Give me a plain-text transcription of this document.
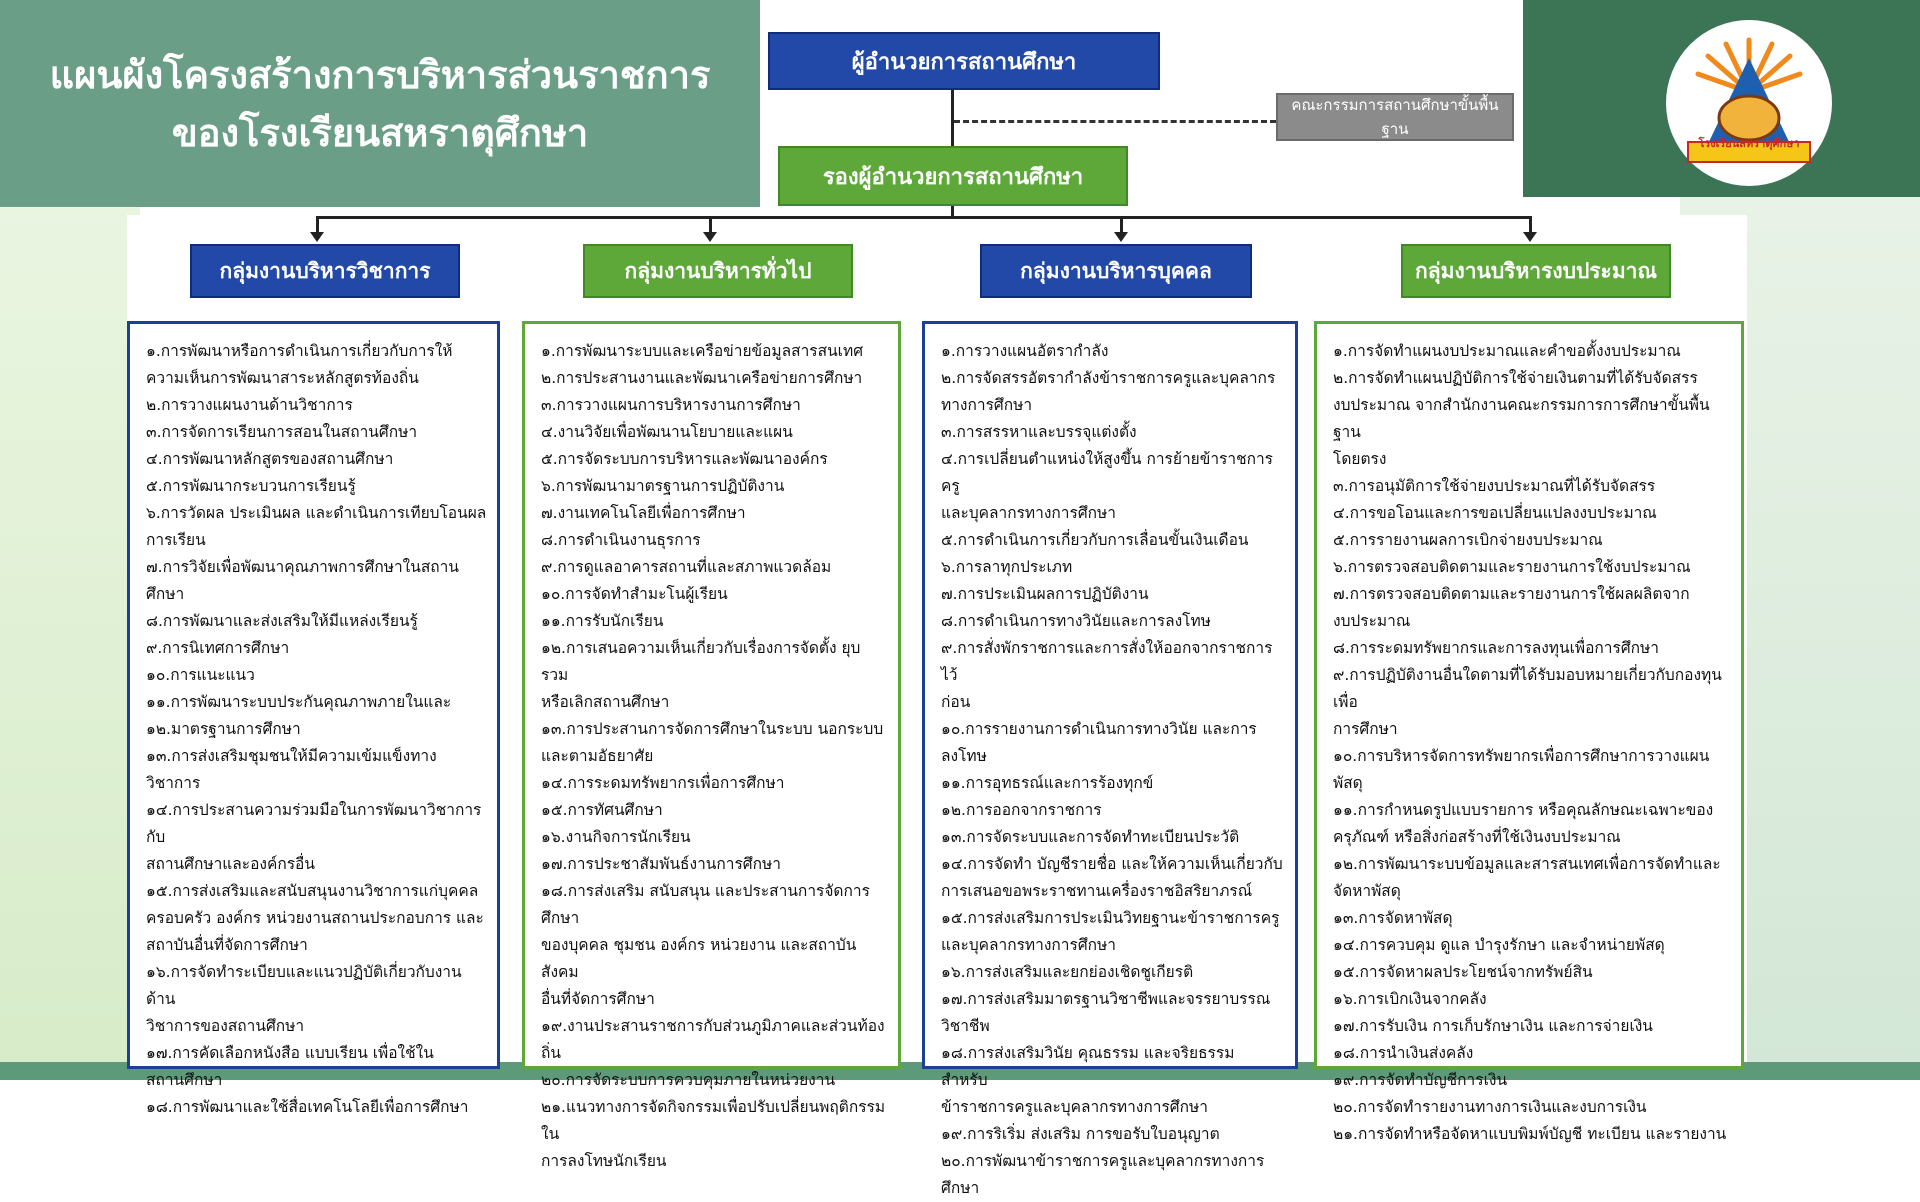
แผนผังโครงสร้างการบริหารส่วนราชการ
ของโรงเรียนสหราตุศึกษา	โรงเรียนสหราตุศึกษา
ผู้อำนวยการสถานศึกษา
คณะกรรมการสถานศึกษาขั้นพื้นฐาน
รองผู้อำนวยการสถานศึกษา
กลุ่มงานบริหารวิชาการ	กลุ่มงานบริหารทั่วไป	กลุ่มงานบริหารบุคคล	กลุ่มงานบริหารงบประมาณ
๑.การพัฒนาหรือการดำเนินการเกี่ยวกับการให้
ความเห็นการพัฒนาสาระหลักสูตรท้องถิ่น
๒.การวางแผนงานด้านวิชาการ
๓.การจัดการเรียนการสอนในสถานศึกษา
๔.การพัฒนาหลักสูตรของสถานศึกษา
๕.การพัฒนากระบวนการเรียนรู้
๖.การวัดผล ประเมินผล และดำเนินการเทียบโอนผล
การเรียน
๗.การวิจัยเพื่อพัฒนาคุณภาพการศึกษาในสถานศึกษา
๘.การพัฒนาและส่งเสริมให้มีแหล่งเรียนรู้
๙.การนิเทศการศึกษา
๑๐.การแนะแนว
๑๑.การพัฒนาระบบประกันคุณภาพภายในและ
๑๒.มาตรฐานการศึกษา
๑๓.การส่งเสริมชุมชนให้มีความเข้มแข็งทางวิชาการ
๑๔.การประสานความร่วมมือในการพัฒนาวิชาการกับ
สถานศึกษาและองค์กรอื่น
๑๕.การส่งเสริมและสนับสนุนงานวิชาการแก่บุคคล
ครอบครัว องค์กร หน่วยงานสถานประกอบการ และ
สถาบันอื่นที่จัดการศึกษา
๑๖.การจัดทำระเบียบและแนวปฏิบัติเกี่ยวกับงานด้าน
วิชาการของสถานศึกษา
๑๗.การคัดเลือกหนังสือ แบบเรียน เพื่อใช้ใน
สถานศึกษา
๑๘.การพัฒนาและใช้สื่อเทคโนโลยีเพื่อการศึกษา
๑.การพัฒนาระบบและเครือข่ายข้อมูลสารสนเทศ
๒.การประสานงานและพัฒนาเครือข่ายการศึกษา
๓.การวางแผนการบริหารงานการศึกษา
๔.งานวิจัยเพื่อพัฒนานโยบายและแผน
๕.การจัดระบบการบริหารและพัฒนาองค์กร
๖.การพัฒนามาตรฐานการปฏิบัติงาน
๗.งานเทคโนโลยีเพื่อการศึกษา
๘.การดำเนินงานธุรการ
๙.การดูแลอาคารสถานที่และสภาพแวดล้อม
๑๐.การจัดทำสำมะโนผู้เรียน
๑๑.การรับนักเรียน
๑๒.การเสนอความเห็นเกี่ยวกับเรื่องการจัดตั้ง ยุบ รวม
หรือเลิกสถานศึกษา
๑๓.การประสานการจัดการศึกษาในระบบ นอกระบบ
และตามอัธยาศัย
๑๔.การระดมทรัพยากรเพื่อการศึกษา
๑๕.การทัศนศึกษา
๑๖.งานกิจการนักเรียน
๑๗.การประชาสัมพันธ์งานการศึกษา
๑๘.การส่งเสริม สนับสนุน และประสานการจัดการศึกษา
ของบุคคล ชุมชน องค์กร หน่วยงาน และสถาบันสังคม
อื่นที่จัดการศึกษา
๑๙.งานประสานราชการกับส่วนภูมิภาคและส่วนท้องถิ่น
๒๐.การจัดระบบการควบคุมภายในหน่วยงาน
๒๑.แนวทางการจัดกิจกรรมเพื่อปรับเปลี่ยนพฤติกรรมใน
การลงโทษนักเรียน
๑.การวางแผนอัตรากำลัง
๒.การจัดสรรอัตรากำลังข้าราชการครูและบุคลากร
ทางการศึกษา
๓.การสรรหาและบรรจุแต่งตั้ง
๔.การเปลี่ยนตำแหน่งให้สูงขึ้น การย้ายข้าราชการครู
และบุคลากรทางการศึกษา
๕.การดำเนินการเกี่ยวกับการเลื่อนขั้นเงินเดือน
๖.การลาทุกประเภท
๗.การประเมินผลการปฏิบัติงาน
๘.การดำเนินการทางวินัยและการลงโทษ
๙.การสั่งพักราชการและการสั่งให้ออกจากราชการไว้
ก่อน
๑๐.การรายงานการดำเนินการทางวินัย และการลงโทษ
๑๑.การอุทธรณ์และการร้องทุกข์
๑๒.การออกจากราชการ
๑๓.การจัดระบบและการจัดทำทะเบียนประวัติ
๑๔.การจัดทำ บัญชีรายชื่อ และให้ความเห็นเกี่ยวกับ
การเสนอขอพระราชทานเครื่องราชอิสริยาภรณ์
๑๕.การส่งเสริมการประเมินวิทยฐานะข้าราชการครู
และบุคลากรทางการศึกษา
๑๖.การส่งเสริมและยกย่องเชิดชูเกียรติ
๑๗.การส่งเสริมมาตรฐานวิชาชีพและจรรยาบรรณ
วิชาชีพ
๑๘.การส่งเสริมวินัย คุณธรรม และจริยธรรม สำหรับ
ข้าราชการครูและบุคลากรทางการศึกษา
๑๙.การริเริ่ม ส่งเสริม การขอรับใบอนุญาต
๒๐.การพัฒนาข้าราชการครูและบุคลากรทางการศึกษา
๑.การจัดทำแผนงบประมาณและคำขอตั้งงบประมาณ
๒.การจัดทำแผนปฏิบัติการใช้จ่ายเงินตามที่ได้รับจัดสรร
งบประมาณ จากสำนักงานคณะกรรมการการศึกษาขั้นพื้นฐาน
โดยตรง
๓.การอนุมัติการใช้จ่ายงบประมาณที่ได้รับจัดสรร
๔.การขอโอนและการขอเปลี่ยนแปลงงบประมาณ
๕.การรายงานผลการเบิกจ่ายงบประมาณ
๖.การตรวจสอบติดตามและรายงานการใช้งบประมาณ
๗.การตรวจสอบติดตามและรายงานการใช้ผลผลิตจาก
งบประมาณ
๘.การระดมทรัพยากรและการลงทุนเพื่อการศึกษา
๙.การปฏิบัติงานอื่นใดตามที่ได้รับมอบหมายเกี่ยวกับกองทุนเพื่อ
การศึกษา
๑๐.การบริหารจัดการทรัพยากรเพื่อการศึกษาการวางแผนพัสดุ
๑๑.การกำหนดรูปแบบรายการ หรือคุณลักษณะเฉพาะของ
ครุภัณฑ์ หรือสิ่งก่อสร้างที่ใช้เงินงบประมาณ
๑๒.การพัฒนาระบบข้อมูลและสารสนเทศเพื่อการจัดทำและ
จัดหาพัสดุ
๑๓.การจัดหาพัสดุ
๑๔.การควบคุม ดูแล บำรุงรักษา และจำหน่ายพัสดุ
๑๕.การจัดหาผลประโยชน์จากทรัพย์สิน
๑๖.การเบิกเงินจากคลัง
๑๗.การรับเงิน การเก็บรักษาเงิน และการจ่ายเงิน
๑๘.การนำเงินส่งคลัง
๑๙.การจัดทำบัญชีการเงิน
๒๐.การจัดทำรายงานทางการเงินและงบการเงิน
๒๑.การจัดทำหรือจัดหาแบบพิมพ์บัญชี ทะเบียน และรายงาน
